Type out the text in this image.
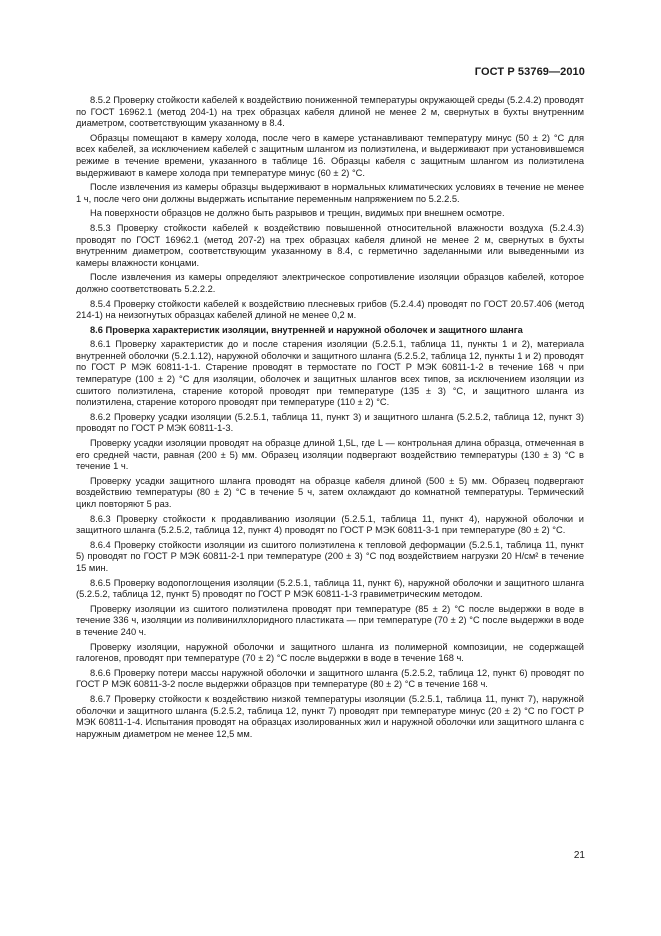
ГОСТ Р 53769—2010

8.5.2 Проверку стойкости кабелей к воздействию пониженной температуры окружающей среды (5.2.4.2) проводят по ГОСТ 16962.1 (метод 204-1) на трех образцах кабеля длиной не менее 2 м, свернутых в бухты внутренним диаметром, соответствующим указанному в 8.4.

Образцы помещают в камеру холода, после чего в камере устанавливают температуру минус (50 ± 2) °С для всех кабелей, за исключением кабелей с защитным шлангом из полиэтилена, и выдерживают при установившемся режиме в течение времени, указанного в таблице 16. Образцы кабеля с защитным шлангом из полиэтилена выдерживают в камере холода при температуре минус (60 ± 2) °С.

После извлечения из камеры образцы выдерживают в нормальных климатических условиях в течение не менее 1 ч, после чего они должны выдержать испытание переменным напряжением по 5.2.2.5.

На поверхности образцов не должно быть разрывов и трещин, видимых при внешнем осмотре.

8.5.3 Проверку стойкости кабелей к воздействию повышенной относительной влажности воздуха (5.2.4.3) проводят по ГОСТ 16962.1 (метод 207-2) на трех образцах кабеля длиной не менее 2 м, свернутых в бухты внутренним диаметром, соответствующим указанному в 8.4, с герметично заделанными или выведенными из камеры влажности концами.

После извлечения из камеры определяют электрическое сопротивление изоляции образцов кабелей, которое должно соответствовать 5.2.2.2.

8.5.4 Проверку стойкости кабелей к воздействию плесневых грибов (5.2.4.4) проводят по ГОСТ 20.57.406 (метод 214-1) на неизогнутых образцах кабелей длиной не менее 0,2 м.

8.6 Проверка характеристик изоляции, внутренней и наружной оболочек и защитного шланга

8.6.1 Проверку характеристик до и после старения изоляции (5.2.5.1, таблица 11, пункты 1 и 2), материала внутренней оболочки (5.2.1.12), наружной оболочки и защитного шланга (5.2.5.2, таблица 12, пункты 1 и 2) проводят по ГОСТ Р МЭК 60811-1-1. Старение проводят в термостате по ГОСТ Р МЭК 60811-1-2 в течение 168 ч при температуре (100 ± 2) °С для изоляции, оболочек и защитных шлангов всех типов, за исключением изоляции из сшитого полиэтилена, старение которой проводят при температуре (135 ± 3) °С, и защитного шланга из полиэтилена, старение которого проводят при температуре (110 ± 2) °С.

8.6.2 Проверку усадки изоляции (5.2.5.1, таблица 11, пункт 3) и защитного шланга (5.2.5.2, таблица 12, пункт 3) проводят по ГОСТ Р МЭК 60811-1-3.

Проверку усадки изоляции проводят на образце длиной 1,5L, где L — контрольная длина образца, отмеченная в его средней части, равная (200 ± 5) мм. Образец изоляции подвергают воздействию температуры (130 ± 3) °С в течение 1 ч.

Проверку усадки защитного шланга проводят на образце кабеля длиной (500 ± 5) мм. Образец подвергают воздействию температуры (80 ± 2) °С в течение 5 ч, затем охлаждают до комнатной температуры. Термический цикл повторяют 5 раз.

8.6.3 Проверку стойкости к продавливанию изоляции (5.2.5.1, таблица 11, пункт 4), наружной оболочки и защитного шланга (5.2.5.2, таблица 12, пункт 4) проводят по ГОСТ Р МЭК 60811-3-1 при температуре (80 ± 2) °С.

8.6.4 Проверку стойкости изоляции из сшитого полиэтилена к тепловой деформации (5.2.5.1, таблица 11, пункт 5) проводят по ГОСТ Р МЭК 60811-2-1 при температуре (200 ± 3) °С под воздействием нагрузки 20 Н/см² в течение 15 мин.

8.6.5 Проверку водопоглощения изоляции (5.2.5.1, таблица 11, пункт 6), наружной оболочки и защитного шланга (5.2.5.2, таблица 12, пункт 5) проводят по ГОСТ Р МЭК 60811-1-3 гравиметрическим методом.

Проверку изоляции из сшитого полиэтилена проводят при температуре (85 ± 2) °С после выдержки в воде в течение 336 ч, изоляции из поливинилхлоридного пластиката — при температуре (70 ± 2) °С после выдержки в воде в течение 240 ч.

Проверку изоляции, наружной оболочки и защитного шланга из полимерной композиции, не содержащей галогенов, проводят при температуре (70 ± 2) °С после выдержки в воде в течение 168 ч.

8.6.6 Проверку потери массы наружной оболочки и защитного шланга (5.2.5.2, таблица 12, пункт 6) проводят по ГОСТ Р МЭК 60811-3-2 после выдержки образцов при температуре (80 ± 2) °С в течение 168 ч.

8.6.7 Проверку стойкости к воздействию низкой температуры изоляции (5.2.5.1, таблица 11, пункт 7), наружной оболочки и защитного шланга (5.2.5.2, таблица 12, пункт 7) проводят при температуре минус (20 ± 2) °С по ГОСТ Р МЭК 60811-1-4. Испытания проводят на образцах изолированных жил и наружной оболочки или защитного шланга с наружным диаметром не менее 12,5 мм.

21
